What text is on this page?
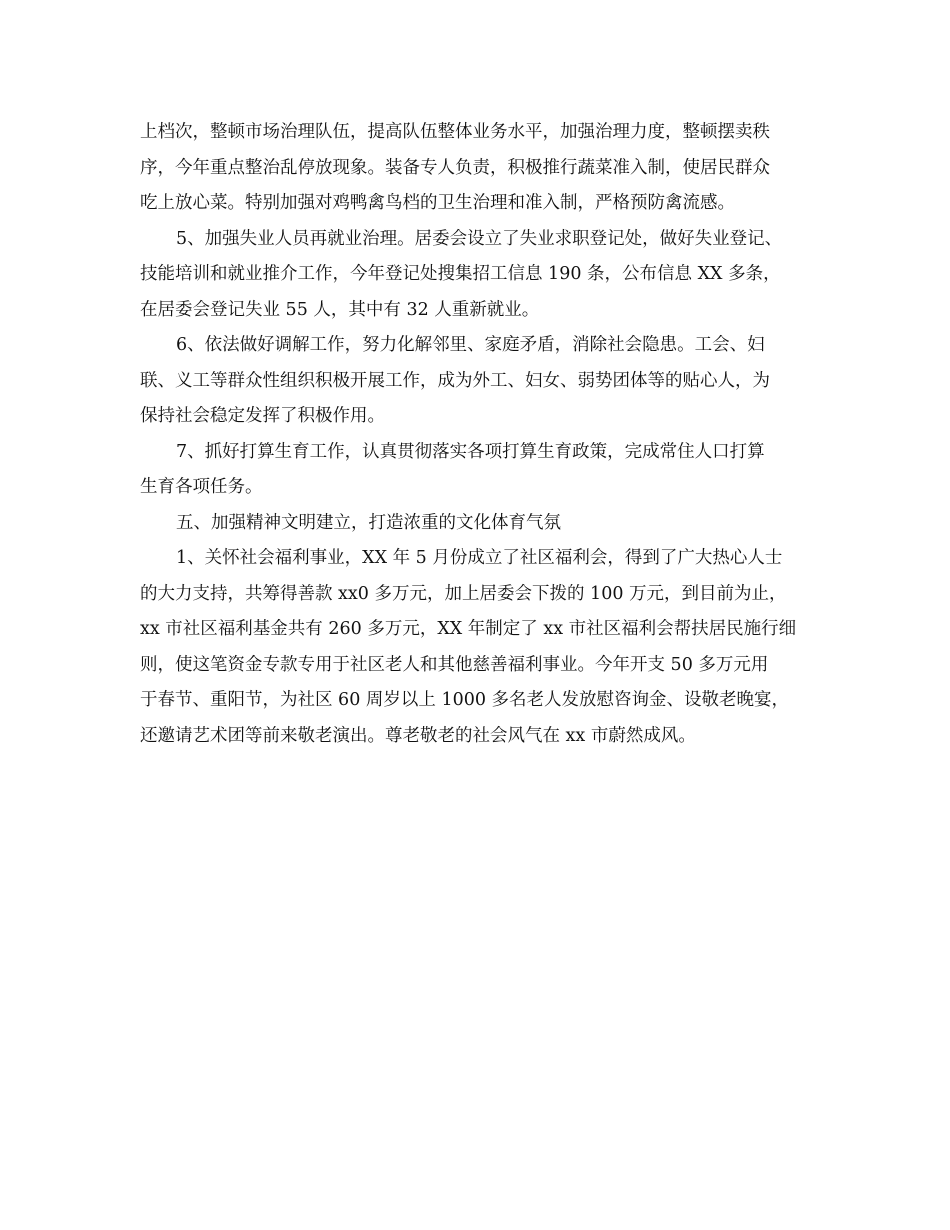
上档次，整顿市场治理队伍，提高队伍整体业务水平，加强治理力度，整顿摆卖秩
序，今年重点整治乱停放现象。装备专人负责，积极推行蔬菜准入制，使居民群众
吃上放心菜。特别加强对鸡鸭禽鸟档的卫生治理和准入制，严格预防禽流感。
5、加强失业人员再就业治理。居委会设立了失业求职登记处，做好失业登记、
技能培训和就业推介工作，今年登记处搜集招工信息 190 条，公布信息 XX 多条，
在居委会登记失业 55 人，其中有 32 人重新就业。
6、依法做好调解工作，努力化解邻里、家庭矛盾，消除社会隐患。工会、妇
联、义工等群众性组织积极开展工作，成为外工、妇女、弱势团体等的贴心人，为
保持社会稳定发挥了积极作用。
7、抓好打算生育工作，认真贯彻落实各项打算生育政策，完成常住人口打算
生育各项任务。
五、加强精神文明建立，打造浓重的文化体育气氛
1、关怀社会福利事业，XX 年 5 月份成立了社区福利会，得到了广大热心人士
的大力支持，共筹得善款 xx0 多万元，加上居委会下拨的 100 万元，到目前为止，
xx 市社区福利基金共有 260 多万元，XX 年制定了 xx 市社区福利会帮扶居民施行细
则，使这笔资金专款专用于社区老人和其他慈善福利事业。今年开支 50 多万元用
于春节、重阳节，为社区 60 周岁以上 1000 多名老人发放慰咨询金、设敬老晚宴，
还邀请艺术团等前来敬老演出。尊老敬老的社会风气在 xx 市蔚然成风。
